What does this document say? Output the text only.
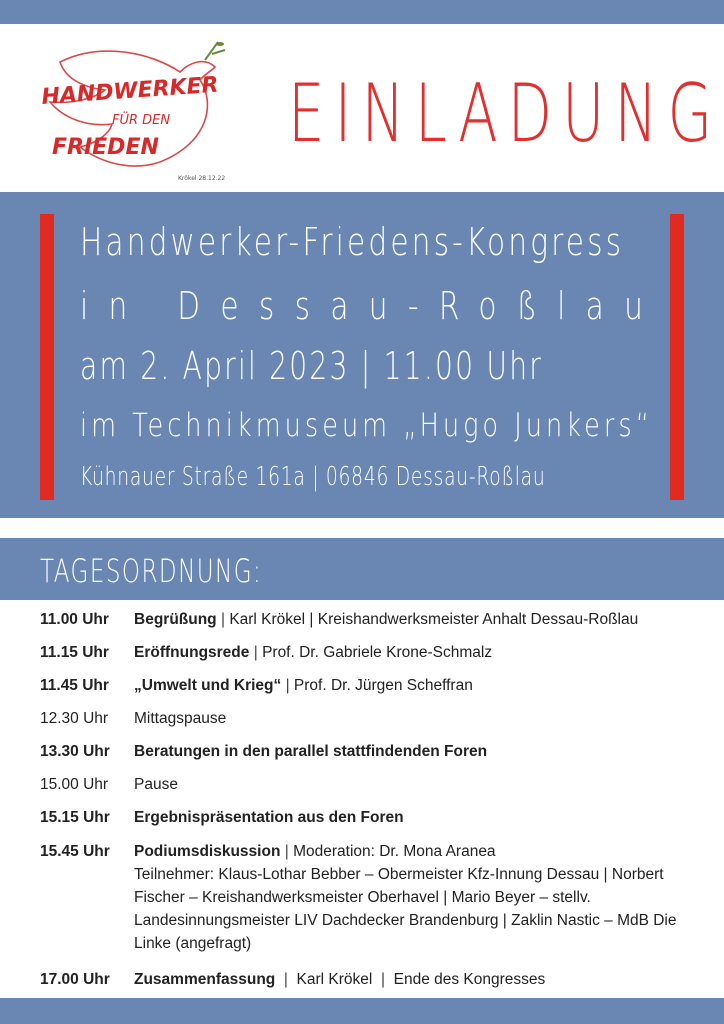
HANDWERKER
FÜR DEN
FRIEDEN
Krökel 28.12.22
EINLADUNG
Handwerker-Friedens-Kongress
in Dessau-Roßlau
am 2. April 2023 | 11.00 Uhr
im Technikmuseum „Hugo Junkers“
Kühnauer Straße 161a | 06846 Dessau-Roßlau
TAGESORDNUNG:
11.00 Uhr	Begrüßung | Karl Krökel | Kreishandwerksmeister Anhalt Dessau-Roßlau
11.15 Uhr	Eröffnungsrede | Prof. Dr. Gabriele Krone-Schmalz
11.45 Uhr	„Umwelt und Krieg“ | Prof. Dr. Jürgen Scheffran
12.30 Uhr	Mittagspause
13.30 Uhr	Beratungen in den parallel stattfindenden Foren
15.00 Uhr	Pause
15.15 Uhr	Ergebnispräsentation aus den Foren
15.45 Uhr	Podiumsdiskussion | Moderation: Dr. Mona Aranea
Teilnehmer: Klaus-Lothar Bebber – Obermeister Kfz-Innung Dessau | Norbert Fischer – Kreishandwerksmeister Oberhavel | Mario Beyer – stellv. Landesinnungsmeister LIV Dachdecker Brandenburg | Zaklin Nastic – MdB Die Linke (angefragt)
17.00 Uhr	Zusammenfassung  |  Karl Krökel  |  Ende des Kongresses
